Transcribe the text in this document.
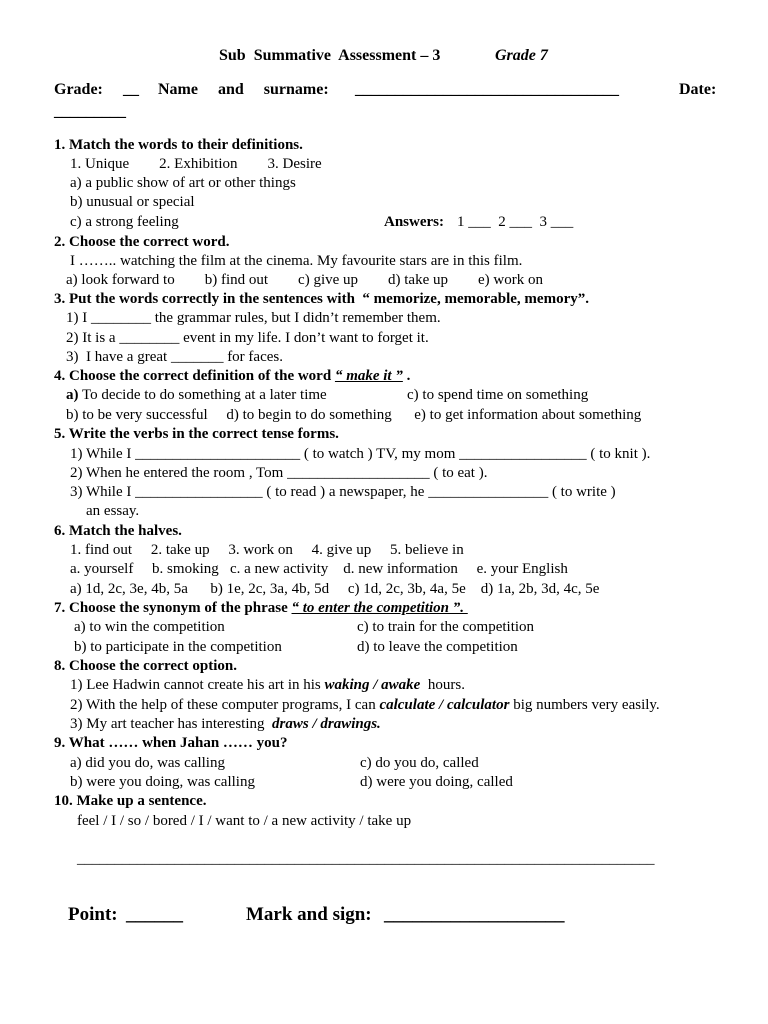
Sub  Summative  Assessment – 3	Grade 7
Grade: __ Name     and     surname: _________________________________	Date:
_________
1. Match the words to their definitions.
1. Unique        2. Exhibition        3. Desire
a) a public show of art or other things
b) unusual or special
c) a strong feeling	Answers: 1 ___  2 ___  3 ___
2. Choose the correct word.
I …….. watching the film at the cinema. My favourite stars are in this film.
a) look forward to        b) find out        c) give up        d) take up        e) work on
3. Put the words correctly in the sentences with  “ memorize, memorable, memory”.
1) I ________ the grammar rules, but I didn’t remember them.
2) It is a ________ event in my life. I don’t want to forget it.
3)  I have a great _______ for faces.
4. Choose the correct definition of the word “ make it ” .
a) To decide to do something at a later time	c) to spend time on something
b) to be very successful     d) to begin to do something      e) to get information about something
5. Write the verbs in the correct tense forms.
1) While I ______________________ ( to watch ) TV, my mom _________________ ( to knit ).
2) When he entered the room , Tom ___________________ ( to eat ).
3) While I _________________ ( to read ) a newspaper, he ________________ ( to write )
an essay.
6. Match the halves.
1. find out     2. take up     3. work on     4. give up     5. believe in
a. yourself     b. smoking   c. a new activity    d. new information     e. your English
a) 1d, 2c, 3e, 4b, 5a      b) 1e, 2c, 3a, 4b, 5d     c) 1d, 2c, 3b, 4a, 5e    d) 1a, 2b, 3d, 4c, 5e
7. Choose the synonym of the phrase “ to enter the competition ”.
a) to win the competition	c) to train for the competition
b) to participate in the competition	d) to leave the competition
8. Choose the correct option.
1) Lee Hadwin cannot create his art in his waking / awake  hours.
2) With the help of these computer programs, I can calculate / calculator big numbers very easily.
3) My art teacher has interesting  draws / drawings.
9. What …… when Jahan …… you?
a) did you do, was calling	c) do you do, called
b) were you doing, was calling	d) were you doing, called
10. Make up a sentence.
feel / I / so / bored / I / want to / a new activity / take up
_____________________________________________________________________________
Point: ______	Mark and sign: ___________________
